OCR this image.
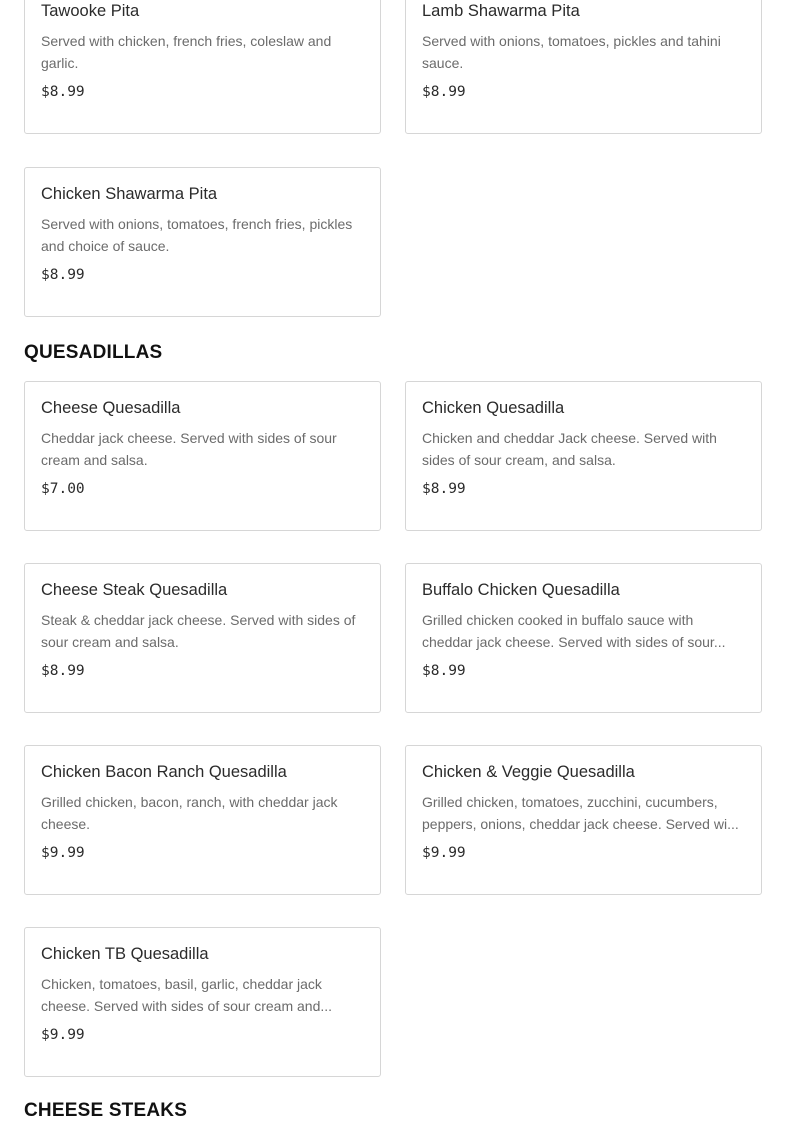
Tawooke Pita
Served with chicken, french fries, coleslaw and garlic.
$8.99
Lamb Shawarma Pita
Served with onions, tomatoes, pickles and tahini sauce.
$8.99
Chicken Shawarma Pita
Served with onions, tomatoes, french fries, pickles and choice of sauce.
$8.99
QUESADILLAS
Cheese Quesadilla
Cheddar jack cheese. Served with sides of sour cream and salsa.
$7.00
Chicken Quesadilla
Chicken and cheddar Jack cheese. Served with sides of sour cream, and salsa.
$8.99
Cheese Steak Quesadilla
Steak & cheddar jack cheese. Served with sides of sour cream and salsa.
$8.99
Buffalo Chicken Quesadilla
Grilled chicken cooked in buffalo sauce with cheddar jack cheese. Served with sides of sour...
$8.99
Chicken Bacon Ranch Quesadilla
Grilled chicken, bacon, ranch, with cheddar jack cheese.
$9.99
Chicken & Veggie Quesadilla
Grilled chicken, tomatoes, zucchini, cucumbers, peppers, onions, cheddar jack cheese. Served wi...
$9.99
Chicken TB Quesadilla
Chicken, tomatoes, basil, garlic, cheddar jack cheese. Served with sides of sour cream and...
$9.99
CHEESE STEAKS
